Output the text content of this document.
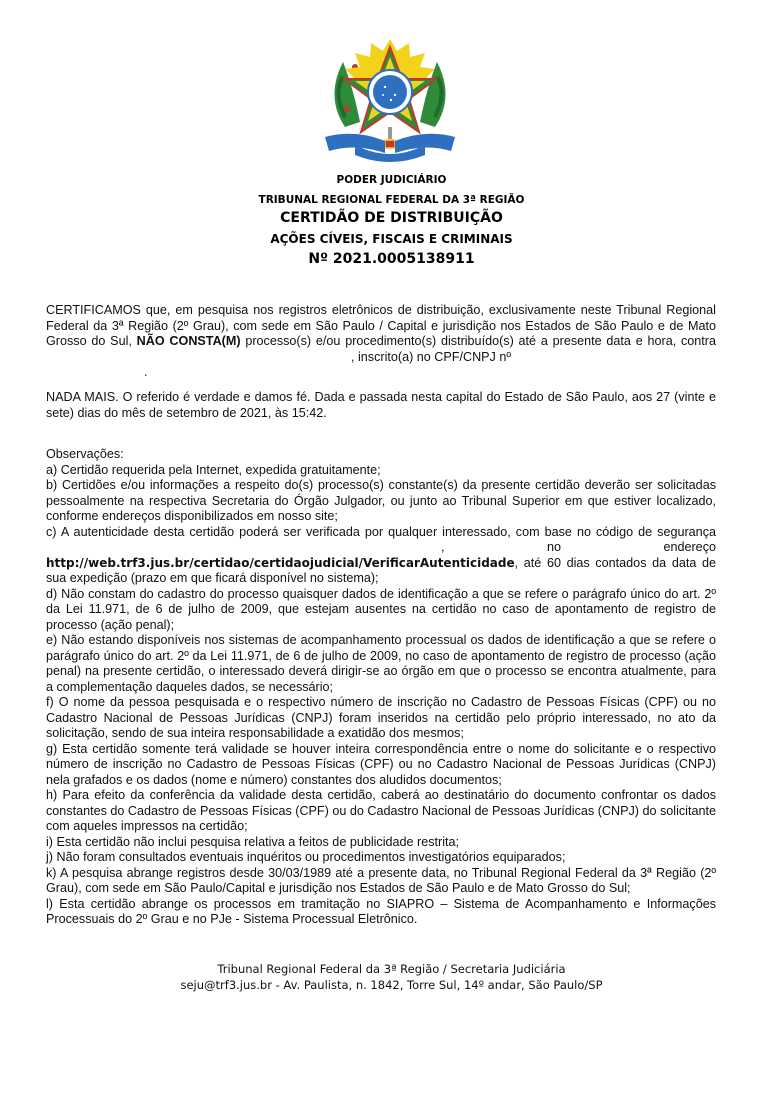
PODER JUDICIÁRIO
TRIBUNAL REGIONAL FEDERAL DA 3ª REGIÃO
CERTIDÃO DE DISTRIBUIÇÃO
AÇÕES CÍVEIS, FISCAIS E CRIMINAIS
Nº 2021.0005138911
CERTIFICAMOS que, em pesquisa nos registros eletrônicos de distribuição, exclusivamente neste Tribunal Regional Federal da 3ª Região (2º Grau), com sede em São Paulo / Capital e jurisdição nos Estados de São Paulo e de Mato Grosso do Sul, NÃO CONSTA(M) processo(s) e/ou procedimento(s) distribuído(s) até a presente data e hora, contra , inscrito(a) no CPF/CNPJ nº
.
NADA MAIS. O referido é verdade e damos fé. Dada e passada nesta capital do Estado de São Paulo, aos 27 (vinte e sete) dias do mês de setembro de 2021, às 15:42.

Observações:

a) Certidão requerida pela Internet, expedida gratuitamente;

b) Certidões e/ou informações a respeito do(s) processo(s) constante(s) da presente certidão deverão ser solicitadas pessoalmente na respectiva Secretaria do Órgão Julgador, ou junto ao Tribunal Superior em que estiver localizado, conforme endereços disponibilizados em nosso site;

c) A autenticidade desta certidão poderá ser verificada por qualquer interessado, com base no código de segurança, no endereço http://web.trf3.jus.br/certidao/certidaojudicial/VerificarAutenticidade, até 60 dias contados da data de sua expedição (prazo em que ficará disponível no sistema);

d) Não constam do cadastro do processo quaisquer dados de identificação a que se refere o parágrafo único do art. 2º da Lei 11.971, de 6 de julho de 2009, que estejam ausentes na certidão no caso de apontamento de registro de processo (ação penal);

e) Não estando disponíveis nos sistemas de acompanhamento processual os dados de identificação a que se refere o parágrafo único do art. 2º da Lei 11.971, de 6 de julho de 2009, no caso de apontamento de registro de processo (ação penal) na presente certidão, o interessado deverá dirigir-se ao órgão em que o processo se encontra atualmente, para a complementação daqueles dados, se necessário;

f) O nome da pessoa pesquisada e o respectivo número de inscrição no Cadastro de Pessoas Físicas (CPF) ou no Cadastro Nacional de Pessoas Jurídicas (CNPJ) foram inseridos na certidão pelo próprio interessado, no ato da solicitação, sendo de sua inteira responsabilidade a exatidão dos mesmos;

g) Esta certidão somente terá validade se houver inteira correspondência entre o nome do solicitante e o respectivo número de inscrição no Cadastro de Pessoas Físicas (CPF) ou no Cadastro Nacional de Pessoas Jurídicas (CNPJ) nela grafados e os dados (nome e número) constantes dos aludidos documentos;

h) Para efeito da conferência da validade desta certidão, caberá ao destinatário do documento confrontar os dados constantes do Cadastro de Pessoas Físicas (CPF) ou do Cadastro Nacional de Pessoas Jurídicas (CNPJ) do solicitante com aqueles impressos na certidão;

i) Esta certidão não inclui pesquisa relativa a feitos de publicidade restrita;

j) Não foram consultados eventuais inquéritos ou procedimentos investigatórios equiparados;

k) A pesquisa abrange registros desde 30/03/1989 até a presente data, no Tribunal Regional Federal da 3ª Região (2º Grau), com sede em São Paulo/Capital e jurisdição nos Estados de São Paulo e de Mato Grosso do Sul;

l) Esta certidão abrange os processos em tramitação no SIAPRO – Sistema de Acompanhamento e Informações Processuais do 2º Grau e no PJe - Sistema Processual Eletrônico.

Tribunal Regional Federal da 3ª Região / Secretaria Judiciária
seju@trf3.jus.br - Av. Paulista, n. 1842, Torre Sul, 14º andar, São Paulo/SP
